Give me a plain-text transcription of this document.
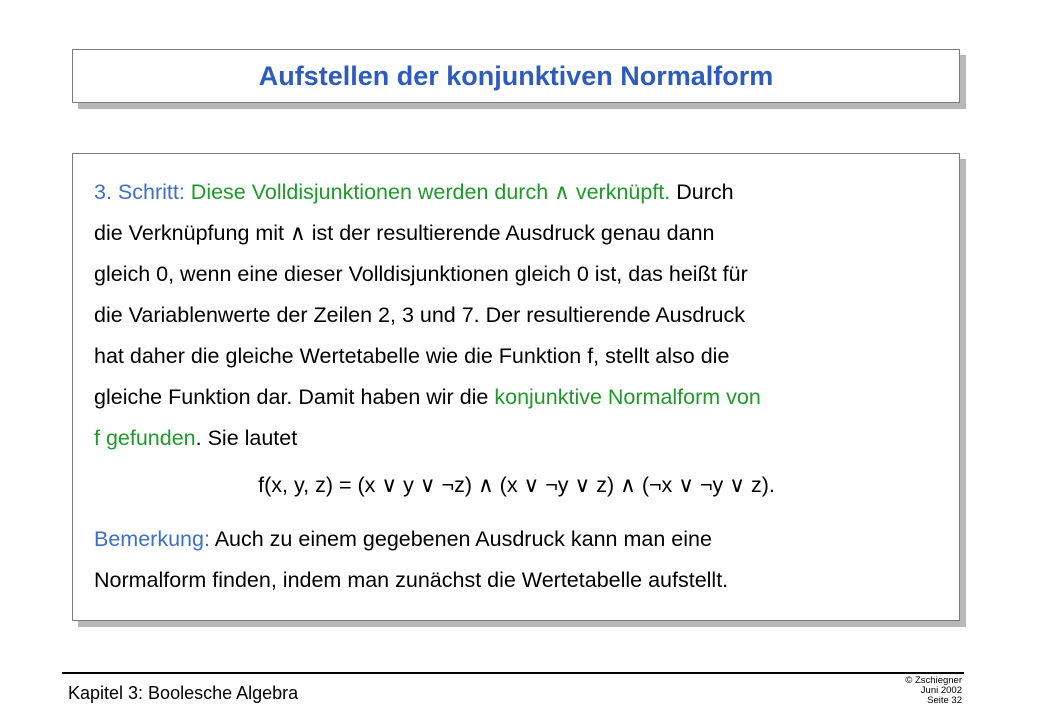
Aufstellen der konjunktiven Normalform

3. Schritt: Diese Volldisjunktionen werden durch ∧ verknüpft. Durch
die Verknüpfung mit ∧ ist der resultierende Ausdruck genau dann
gleich 0, wenn eine dieser Volldisjunktionen gleich 0 ist, das heißt für
die Variablenwerte der Zeilen 2, 3 und 7. Der resultierende Ausdruck
hat daher die gleiche Wertetabelle wie die Funktion f, stellt also die
gleiche Funktion dar. Damit haben wir die konjunktive Normalform von
f gefunden. Sie lautet

f(x, y, z) = (x ∨ y ∨ ¬z) ∧ (x ∨ ¬y ∨ z) ∧ (¬x ∨ ¬y ∨ z).

Bemerkung: Auch zu einem gegebenen Ausdruck kann man eine
Normalform finden, indem man zunächst die Wertetabelle aufstellt.

Kapitel 3: Boolesche Algebra
© Zschiegner
Juni 2002
Seite 32
